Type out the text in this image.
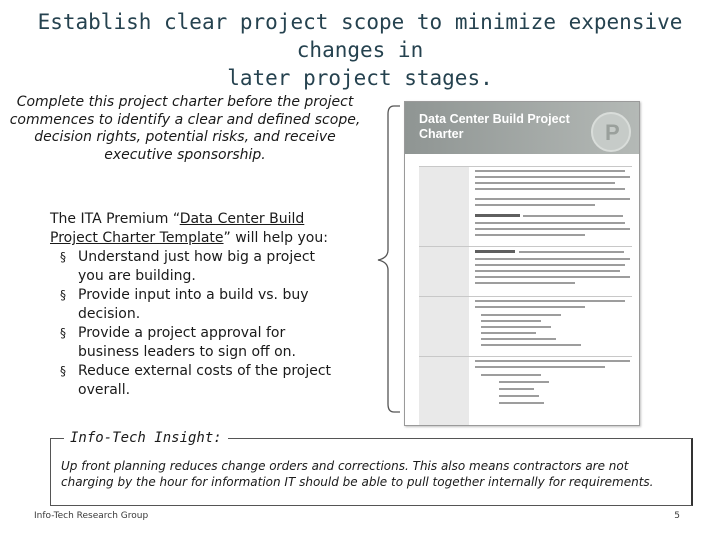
Establish clear project scope to minimize expensive changes in
later project stages.
Complete this project charter before the project commences to identify a clear and defined scope, decision rights, potential risks, and receive executive sponsorship.
The ITA Premium “Data Center Build Project Charter Template” will help you:
§ Understand just how big a project you are building.
§ Provide input into a build vs. buy decision.
§ Provide a project approval for business leaders to sign off on.
§ Reduce external costs of the project overall.
Data Center Build Project Charter	P
Info-Tech Insight:
Up front planning reduces change orders and corrections. This also means contractors are not charging by the hour for information IT should be able to pull together internally for requirements.
Info-Tech Research Group	5
